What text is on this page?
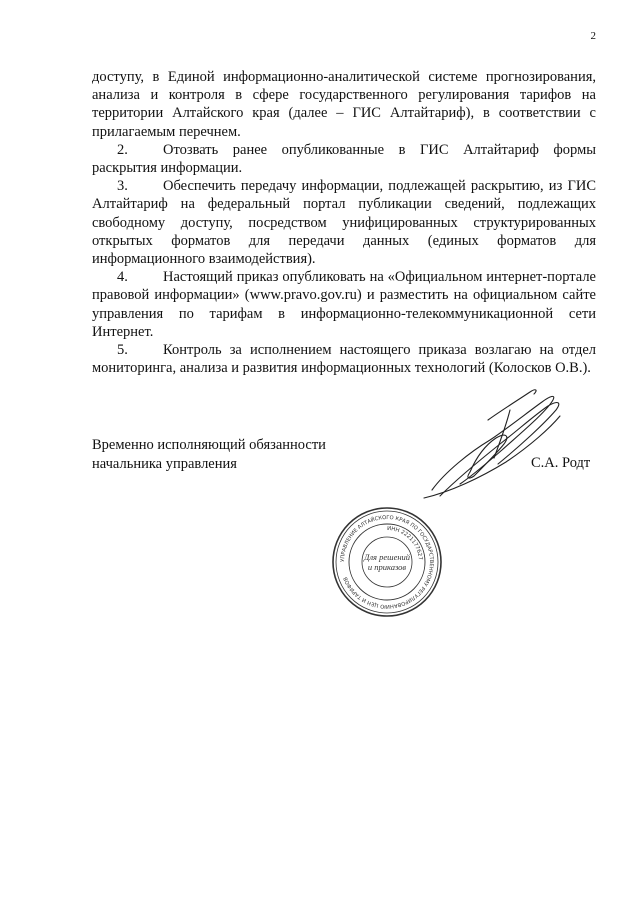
2

доступу, в Единой информационно-аналитической системе прогнозирования, анализа и контроля в сфере государственного регулирования тарифов на территории Алтайского края (далее – ГИС Алтайтариф), в соответствии с прилагаемым перечнем.

2. Отозвать ранее опубликованные в ГИС Алтайтариф формы раскрытия информации.

3. Обеспечить передачу информации, подлежащей раскрытию, из ГИС Алтайтариф на федеральный портал публикации сведений, подлежащих свободному доступу, посредством унифицированных структурированных открытых форматов для передачи данных (единых форматов для информационного взаимодействия).

4. Настоящий приказ опубликовать на «Официальном интернет-портале правовой информации» (www.pravo.gov.ru) и разместить на официальном сайте управления по тарифам в информационно-телекоммуникационной сети Интернет.

5. Контроль за исполнением настоящего приказа возлагаю на отдел мониторинга, анализа и развития информационных технологий (Колосков О.В.).

Временно исполняющий обязанности
начальника управления	С.А. Родт
УПРАВЛЕНИЕ АЛТАЙСКОГО КРАЯ ПО ГОСУДАРСТВЕННОМУ РЕГУЛИРОВАНИЮ ЦЕН И ТАРИФОВ
ИНН 2221177627
Для решений
и приказов
